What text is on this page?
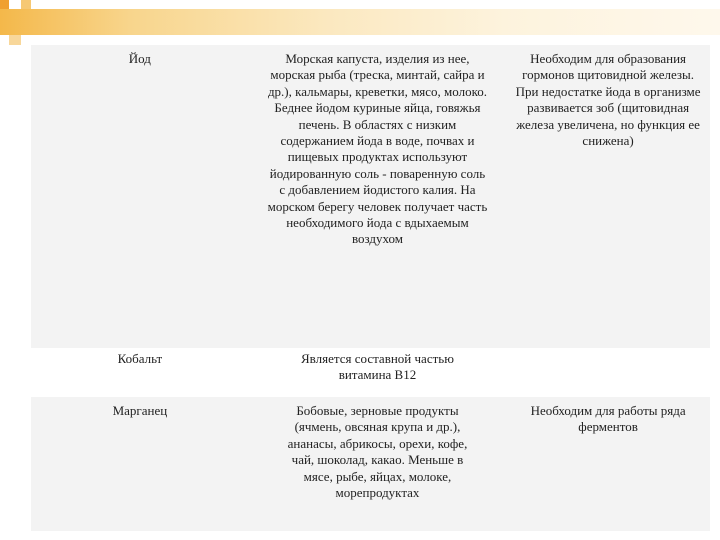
Йод	Морская капуста, изделия из нее, морская рыба (треска, минтай, сайра и др.), кальмары, креветки, мясо, молоко. Беднее йодом куриные яйца, говяжья печень. В областях с низким содержанием йода в воде, почвах и пищевых продуктах используют йодированную соль - поваренную соль с добавлением йодистого калия. На морском берегу человек получает часть необходимого йода с вдыхаемым воздухом	Необходим для образования гормонов щитовидной железы. При недостатке йода в организме развивается зоб (щитовидная железа увеличена, но функция ее снижена)

Кобальт	Является составной частью витамина B12	

Марганец	Бобовые, зерновые продукты (ячмень, овсяная крупа и др.), ананасы, абрикосы, орехи, кофе, чай, шоколад, какао. Меньше в мясе, рыбе, яйцах, молоке, морепродуктах	Необходим для работы ряда ферментов
